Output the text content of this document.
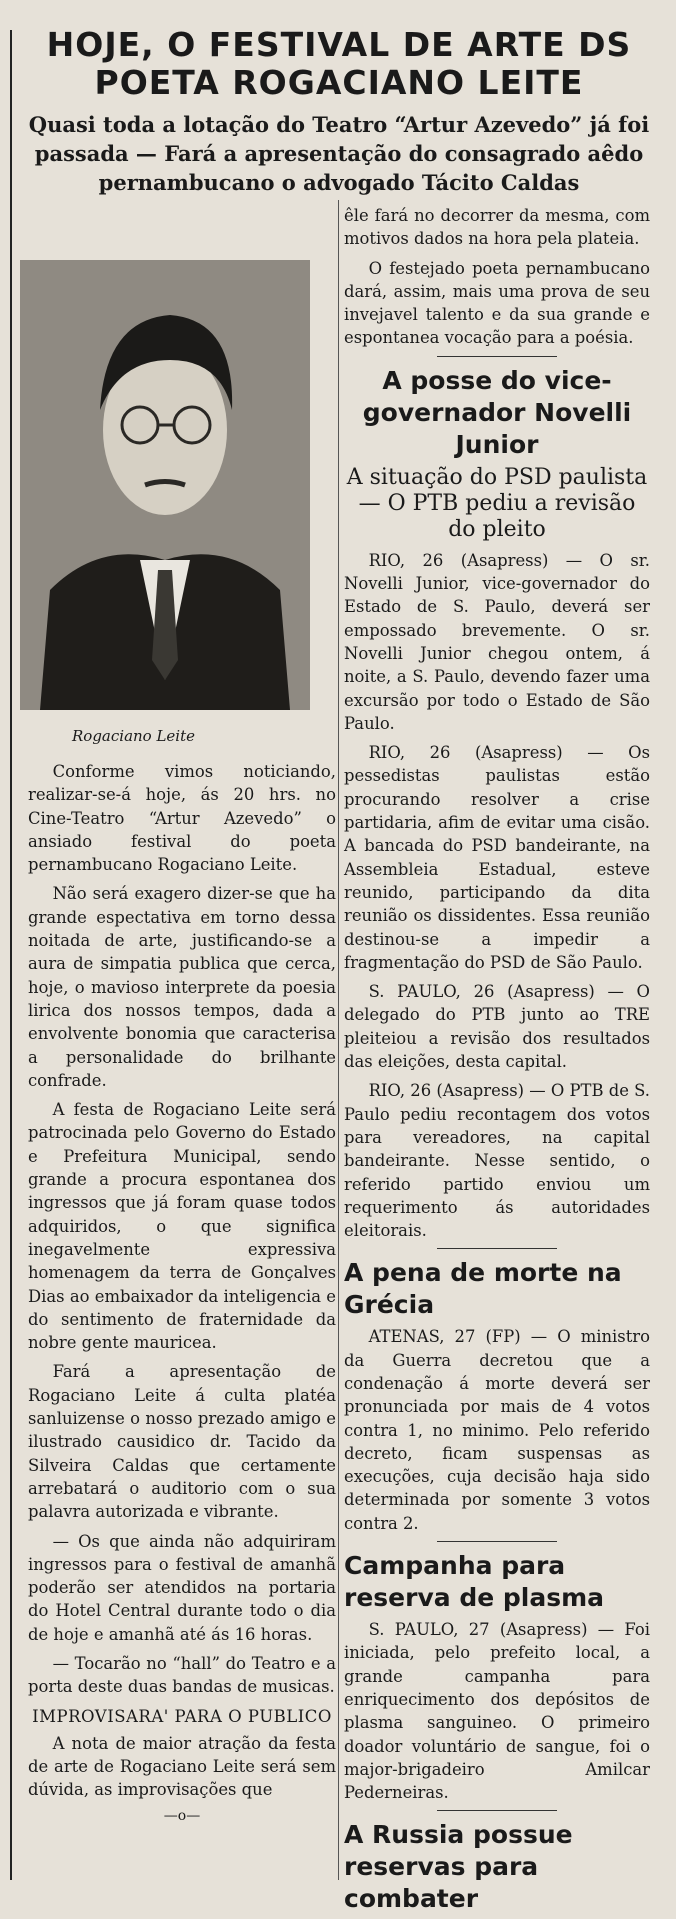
HOJE, O FESTIVAL DE ARTE DS POETA ROGACIANO LEITE
Quasi toda a lotação do Teatro “Artur Azevedo” já foi passada — Fará a apresentação do consagrado aêdo pernambucano o advogado Tácito Caldas
Rogaciano Leite

Conforme vimos noticiando, realizar-se-á hoje, ás 20 hrs. no Cine-Teatro “Artur Azevedo” o ansiado festival do poeta pernambucano Rogaciano Leite.

Não será exagero dizer-se que ha grande espectativa em torno dessa noitada de arte, justificando-se a aura de simpatia publica que cerca, hoje, o mavioso interprete da poesia lirica dos nossos tempos, dada a envolvente bonomia que caracterisa a personalidade do brilhante confrade.

A festa de Rogaciano Leite será patrocinada pelo Governo do Estado e Prefeitura Municipal, sendo grande a procura espontanea dos ingressos que já foram quase todos adquiridos, o que significa inegavelmente expressiva homenagem da terra de Gonçalves Dias ao embaixador da inteligencia e do sentimento de fraternidade da nobre gente mauricea.

Fará a apresentação de Rogaciano Leite á culta platéa sanluizense o nosso prezado amigo e ilustrado causidico dr. Tacido da Silveira Caldas que certamente arrebatará o auditorio com o sua palavra autorizada e vibrante.

— Os que ainda não adquiriram ingressos para o festival de amanhã poderão ser atendidos na portaria do Hotel Central durante todo o dia de hoje e amanhã até ás 16 horas.

— Tocarão no “hall” do Teatro e a porta deste duas bandas de musicas.

IMPROVISARA' PARA O PUBLICO

A nota de maior atração da festa de arte de Rogaciano Leite será sem dúvida, as improvisações que

—o—

êle fará no decorrer da mesma, com motivos dados na hora pela plateia.

O festejado poeta pernambucano dará, assim, mais uma prova de seu invejavel talento e da sua grande e espontanea vocação para a poésia.

A posse do vice-governador Novelli Junior
A situação do PSD paulista — O PTB pediu a revisão do pleito

RIO, 26 (Asapress) — O sr. Novelli Junior, vice-governador do Estado de S. Paulo, deverá ser empossado brevemente. O sr. Novelli Junior chegou ontem, á noite, a S. Paulo, devendo fazer uma excursão por todo o Estado de São Paulo.

RIO, 26 (Asapress) — Os pessedistas paulistas estão procurando resolver a crise partidaria, afim de evitar uma cisão. A bancada do PSD bandeirante, na Assembleia Estadual, esteve reunido, participando da dita reunião os dissidentes. Essa reunião destinou-se a impedir a fragmentação do PSD de São Paulo.

S. PAULO, 26 (Asapress) — O delegado do PTB junto ao TRE pleiteiou a revisão dos resultados das eleições, desta capital.

RIO, 26 (Asapress) — O PTB de S. Paulo pediu recontagem dos votos para vereadores, na capital bandeirante. Nesse sentido, o referido partido enviou um requerimento ás autoridades eleitorais.

A pena de morte na Grécia

ATENAS, 27 (FP) — O ministro da Guerra decretou que a condenação á morte deverá ser pronunciada por mais de 4 votos contra 1, no minimo. Pelo referido decreto, ficam suspensas as execuções, cuja decisão haja sido determinada por somente 3 votos contra 2.

Campanha para reserva de plasma

S. PAULO, 27 (Asapress) — Foi iniciada, pelo prefeito local, a grande campanha para enriquecimento dos depósitos de plasma sanguineo. O primeiro doador voluntário de sangue, foi o major-brigadeiro Amilcar Pederneiras.

A Russia possue reservas para combater
